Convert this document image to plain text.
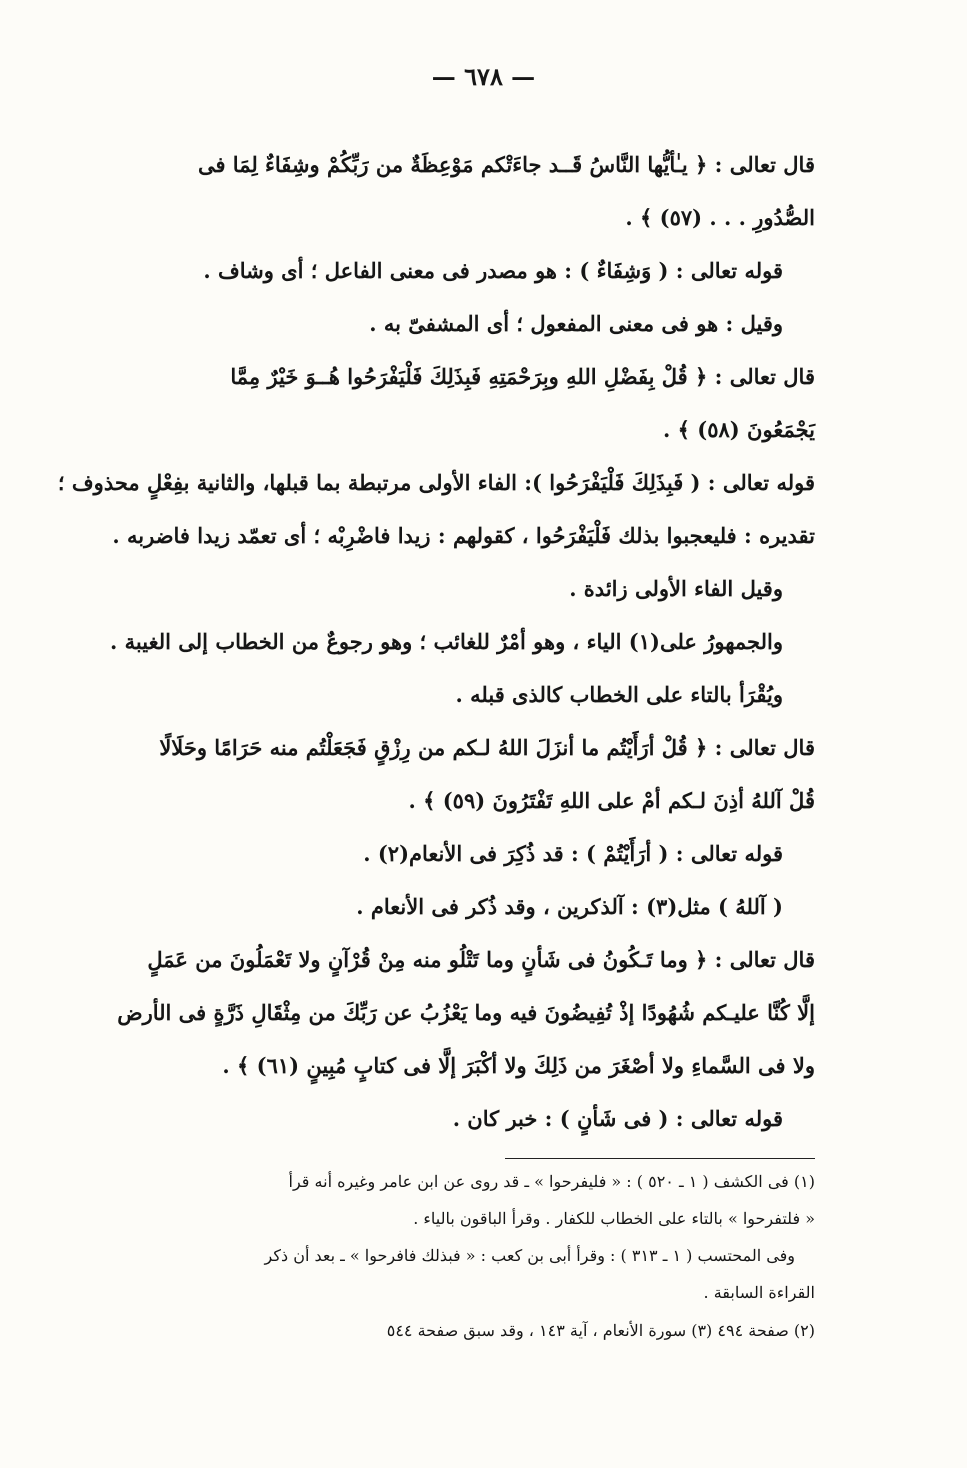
— ٦٧٨ —
قال تعالى : ﴿ يـٰأيُّها النَّاسُ قَــد جاءَتْكم مَوْعِظَةٌ من رَبِّكُمْ وشِفَاءٌ لِمَا فى
الصُّدُورِ . . . (٥٧) ﴾ .
قوله تعالى : ( وَشِفَاءٌ ) : هو مصدر فى معنى الفاعل ؛ أى وشاف .
وقيل : هو فى معنى المفعول ؛ أى المشفىّ به .
قال تعالى : ﴿ قُلْ بِفَضْلِ اللهِ وبِرَحْمَتِهِ فَبِذَلِكَ فَلْيَفْرَحُوا هُــوَ خَيْرٌ مِمَّا
يَجْمَعُونَ (٥٨) ﴾ .
قوله تعالى : ( فَبِذَلِكَ فَلْيَفْرَحُوا ): الفاء الأولى مرتبطة بما قبلها، والثانية بفِعْلٍ محذوف ؛
تقديره : فليعجبوا بذلك فَلْيَفْرَحُوا ، كقولهم : زيدا فاضْرِبْه ؛ أى تعمّد زيدا فاضربه .
وقيل الفاء الأولى زائدة .
والجمهورُ على(١) الياء ، وهو أمْرٌ للغائب ؛ وهو رجوعٌ من الخطاب إلى الغيبة .
ويُقْرَأ بالتاء على الخطاب كالذى قبله .
قال تعالى : ﴿ قُلْ أرَأَيْتُم ما أنزَلَ اللهُ لـكم من رِزْقٍ فَجَعَلْتُم منه حَرَامًا وحَلَالًا
قُلْ آللهُ أذِنَ لـكم أمْ على اللهِ تَفْتَرُونَ (٥٩) ﴾ .
قوله تعالى : ( أرَأَيْتُمْ ) : قد ذُكِرَ فى الأنعام(٢) .
( آللهُ ) مثل(٣) : آلذكرين ، وقد ذُكر فى الأنعام .
قال تعالى : ﴿ وما تَـكُونُ فى شَأنٍ وما تَتْلُو منه مِنْ قُرْآنٍ ولا تَعْمَلُونَ من عَمَلٍ
إلَّا كُنَّا عليـكم شُهُودًا إذْ تُفِيضُونَ فيه وما يَعْزُبُ عن رَبِّكَ من مِثْقَالِ ذَرَّةٍ فى الأرض
ولا فى السَّماءِ ولا أصْغَرَ من ذَلِكَ ولا أكْبَرَ إلَّا فى كتابٍ مُبِينٍ (٦١) ﴾ .
قوله تعالى : ( فى شَأنٍ ) : خبر كان .
(١) فى الكشف ( ١ ـ ٥٢٠ ) : « فليفرحوا » ـ قد روى عن ابن عامر وغيره أنه قرأ
« فلتفرحوا » بالتاء على الخطاب للكفار . وقرأ الباقون بالياء .
وفى المحتسب ( ١ ـ ٣١٣ ) : وقرأ أبى بن كعب : « فبذلك فافرحوا » ـ بعد أن ذكر
القراءة السابقة .
(٢) صفحة ٤٩٤ (٣) سورة الأنعام ، آية ١٤٣ ، وقد سبق صفحة ٥٤٤
